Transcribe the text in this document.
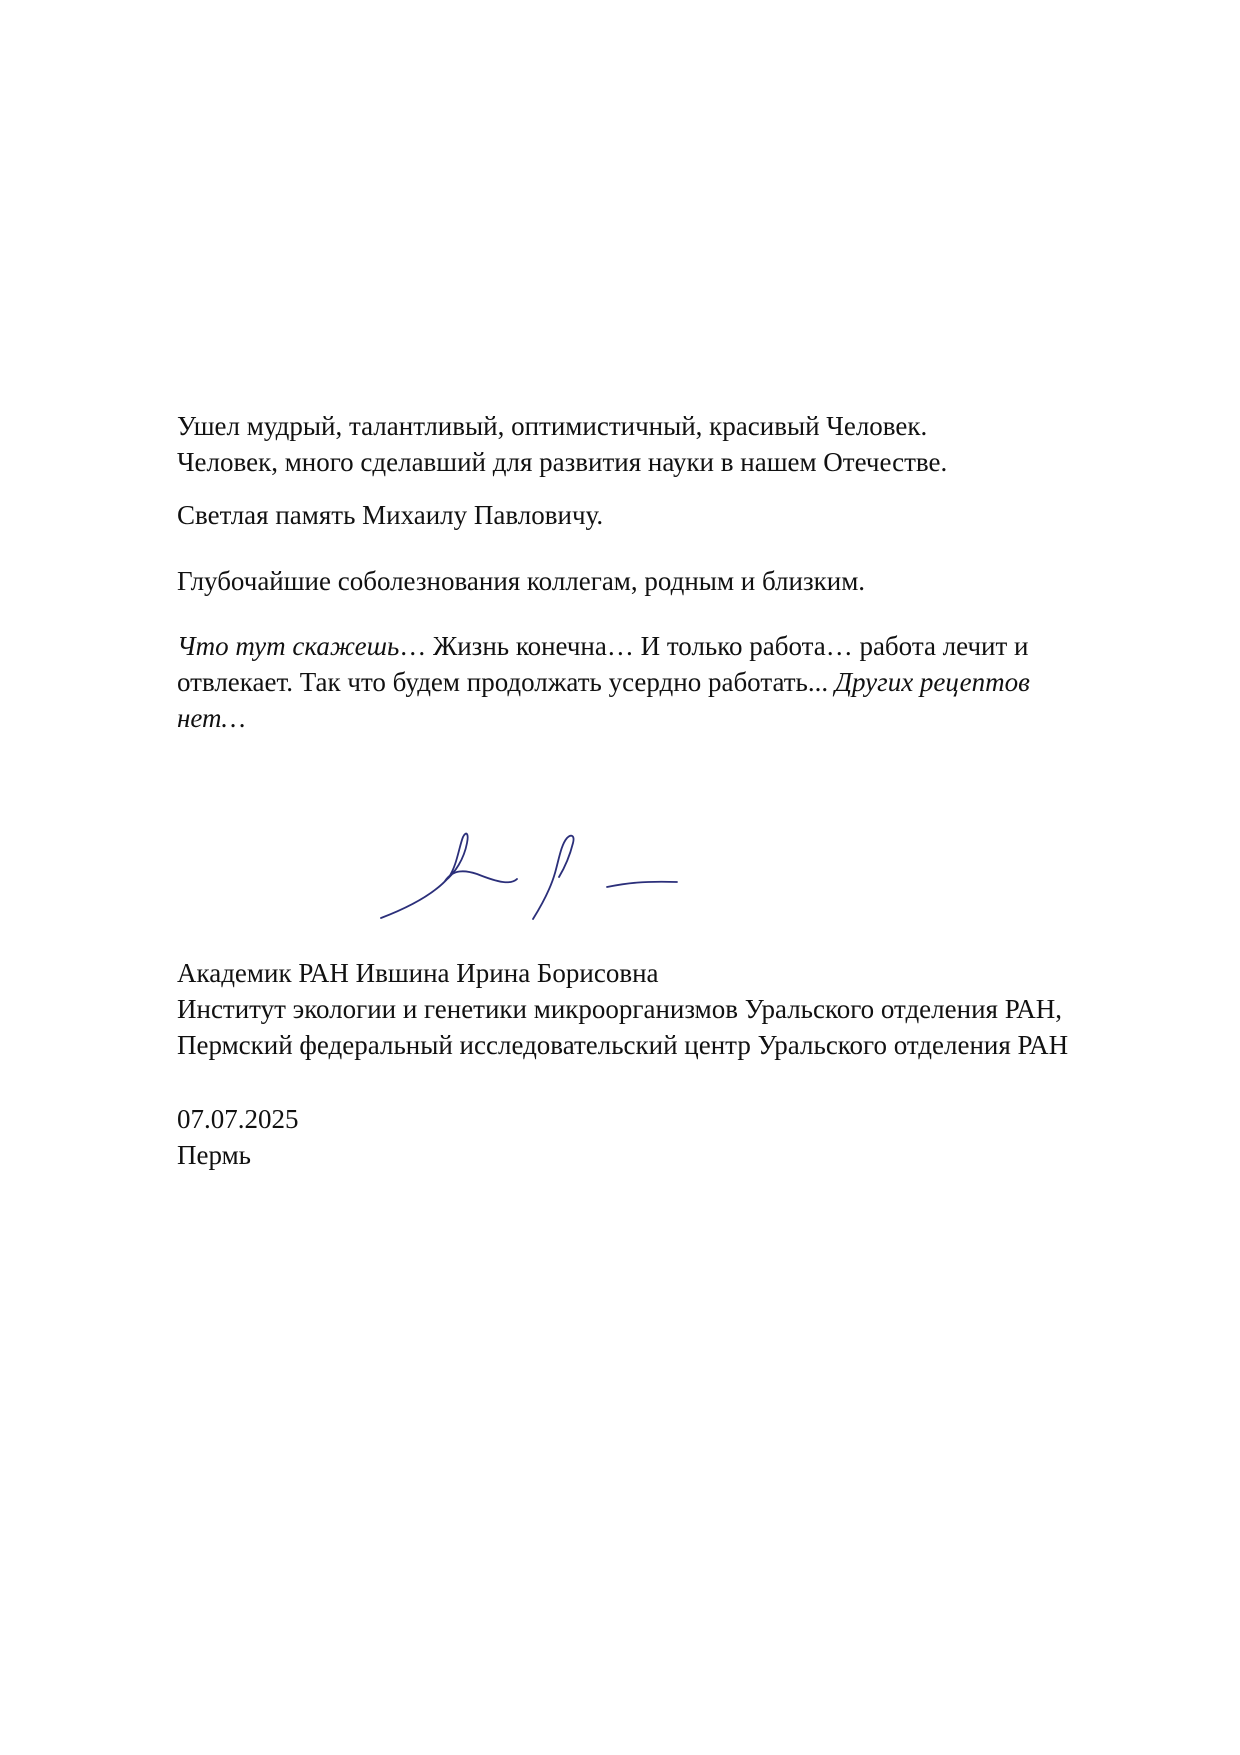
Ушел мудрый, талантливый, оптимистичный, красивый Человек.

Человек, много сделавший для развития науки в нашем Отечестве.

Светлая память Михаилу Павловичу.

Глубочайшие соболезнования коллегам, родным и близким.

Что тут скажешь… Жизнь конечна… И только работа… работа лечит и

отвлекает. Так что будем продолжать усердно работать... Других рецептов

нет…

Академик РАН Ившина Ирина Борисовна

Институт экологии и генетики микроорганизмов Уральского отделения РАН,

Пермский федеральный исследовательский центр Уральского отделения РАН

07.07.2025

Пермь
